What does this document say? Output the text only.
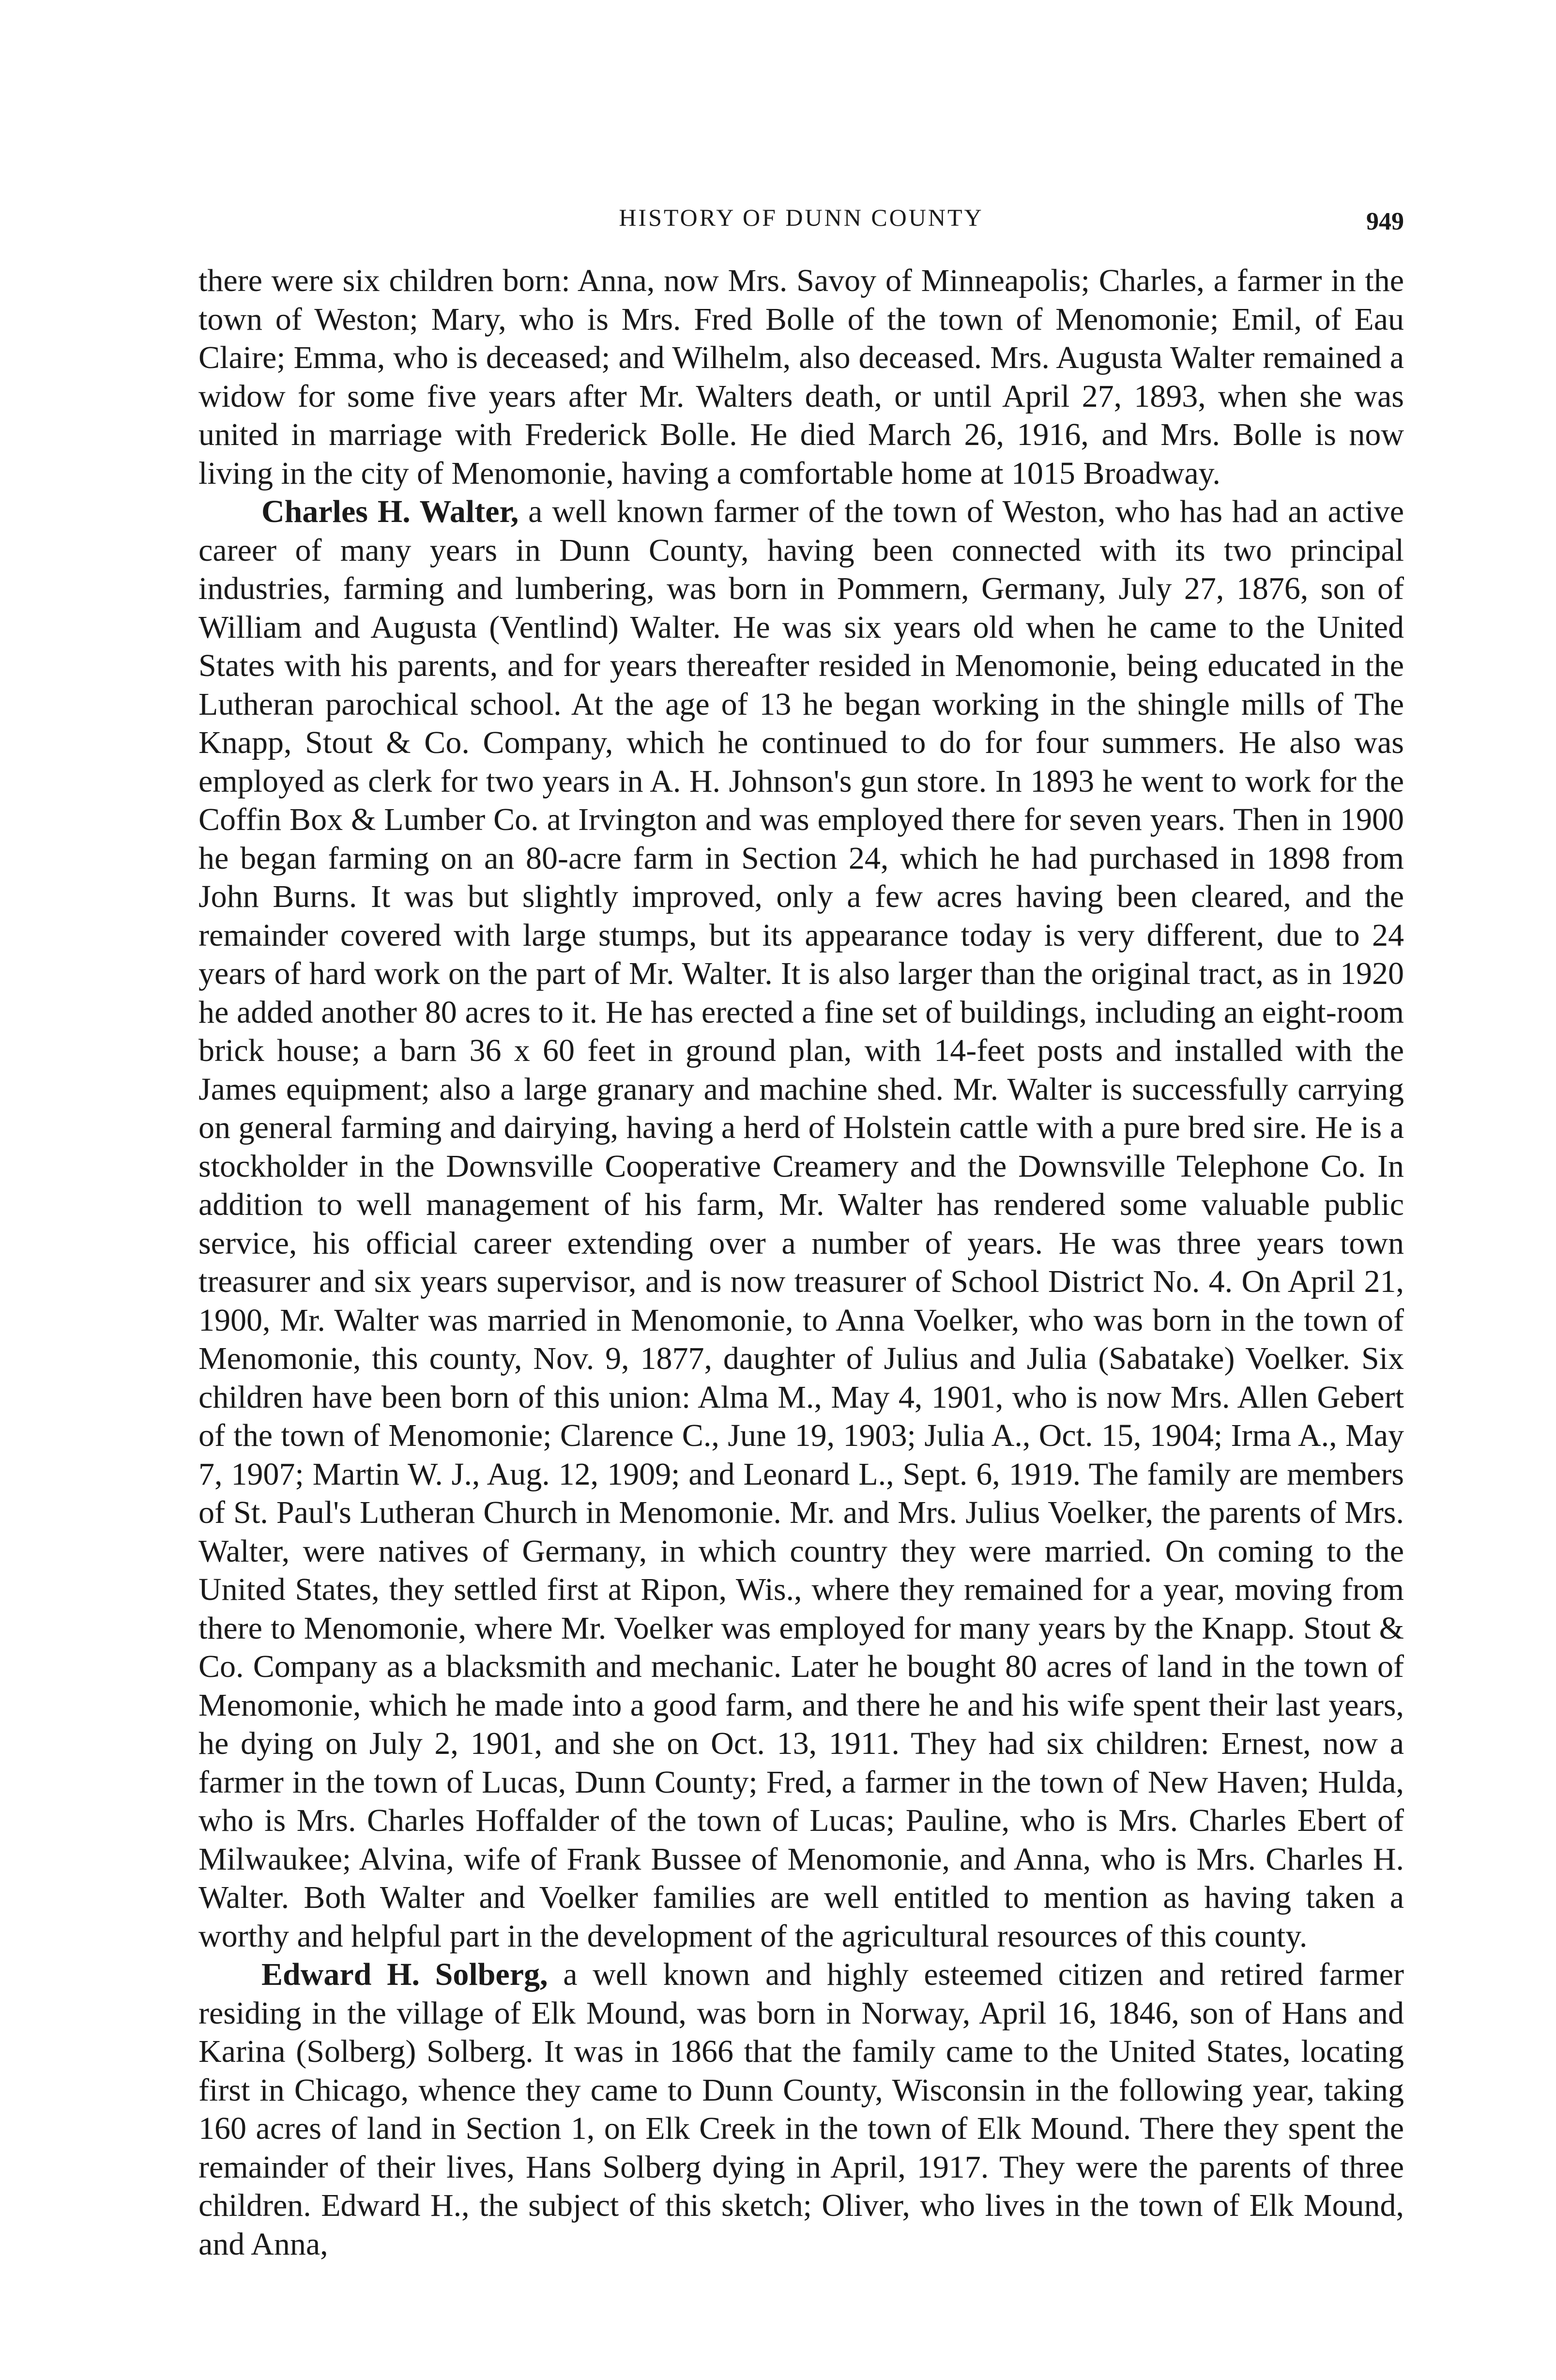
HISTORY OF DUNN COUNTY	949

there were six children born: Anna, now Mrs. Savoy of Minneapolis; Charles, a farmer in the town of Weston; Mary, who is Mrs. Fred Bolle of the town of Menomonie; Emil, of Eau Claire; Emma, who is deceased; and Wilhelm, also deceased. Mrs. Augusta Walter remained a widow for some five years after Mr. Walters death, or until April 27, 1893, when she was united in marriage with Frederick Bolle. He died March 26, 1916, and Mrs. Bolle is now living in the city of Menomonie, having a comfortable home at 1015 Broadway.

Charles H. Walter, a well known farmer of the town of Weston, who has had an active career of many years in Dunn County, having been connected with its two principal industries, farming and lumbering, was born in Pommern, Germany, July 27, 1876, son of William and Augusta (Ventlind) Walter. He was six years old when he came to the United States with his parents, and for years thereafter resided in Menomonie, being educated in the Lutheran parochical school. At the age of 13 he began working in the shingle mills of The Knapp, Stout & Co. Company, which he continued to do for four summers. He also was employed as clerk for two years in A. H. Johnson's gun store. In 1893 he went to work for the Coffin Box & Lumber Co. at Irvington and was employed there for seven years. Then in 1900 he began farming on an 80-acre farm in Section 24, which he had purchased in 1898 from John Burns. It was but slightly improved, only a few acres having been cleared, and the remainder covered with large stumps, but its appearance today is very different, due to 24 years of hard work on the part of Mr. Walter. It is also larger than the original tract, as in 1920 he added another 80 acres to it. He has erected a fine set of buildings, including an eight-room brick house; a barn 36 x 60 feet in ground plan, with 14-feet posts and installed with the James equipment; also a large granary and machine shed. Mr. Walter is successfully carrying on general farming and dairying, having a herd of Holstein cattle with a pure bred sire. He is a stockholder in the Downsville Cooperative Creamery and the Downsville Telephone Co. In addition to well management of his farm, Mr. Walter has rendered some valuable public service, his official career extending over a number of years. He was three years town treasurer and six years supervisor, and is now treasurer of School District No. 4. On April 21, 1900, Mr. Walter was married in Menomonie, to Anna Voelker, who was born in the town of Menomonie, this county, Nov. 9, 1877, daughter of Julius and Julia (Sabatake) Voelker. Six children have been born of this union: Alma M., May 4, 1901, who is now Mrs. Allen Gebert of the town of Menomonie; Clarence C., June 19, 1903; Julia A., Oct. 15, 1904; Irma A., May 7, 1907; Martin W. J., Aug. 12, 1909; and Leonard L., Sept. 6, 1919. The family are members of St. Paul's Lutheran Church in Menomonie. Mr. and Mrs. Julius Voelker, the parents of Mrs. Walter, were natives of Germany, in which country they were married. On coming to the United States, they settled first at Ripon, Wis., where they remained for a year, moving from there to Menomonie, where Mr. Voelker was employed for many years by the Knapp. Stout & Co. Company as a blacksmith and mechanic. Later he bought 80 acres of land in the town of Menomonie, which he made into a good farm, and there he and his wife spent their last years, he dying on July 2, 1901, and she on Oct. 13, 1911. They had six children: Ernest, now a farmer in the town of Lucas, Dunn County; Fred, a farmer in the town of New Haven; Hulda, who is Mrs. Charles Hoffalder of the town of Lucas; Pauline, who is Mrs. Charles Ebert of Milwaukee; Alvina, wife of Frank Bussee of Menomonie, and Anna, who is Mrs. Charles H. Walter. Both Walter and Voelker families are well entitled to mention as having taken a worthy and helpful part in the development of the agricultural resources of this county.

Edward H. Solberg, a well known and highly esteemed citizen and retired farmer residing in the village of Elk Mound, was born in Norway, April 16, 1846, son of Hans and Karina (Solberg) Solberg. It was in 1866 that the family came to the United States, locating first in Chicago, whence they came to Dunn County, Wisconsin in the following year, taking 160 acres of land in Section 1, on Elk Creek in the town of Elk Mound. There they spent the remainder of their lives, Hans Solberg dying in April, 1917. They were the parents of three children. Edward H., the subject of this sketch; Oliver, who lives in the town of Elk Mound, and Anna,
